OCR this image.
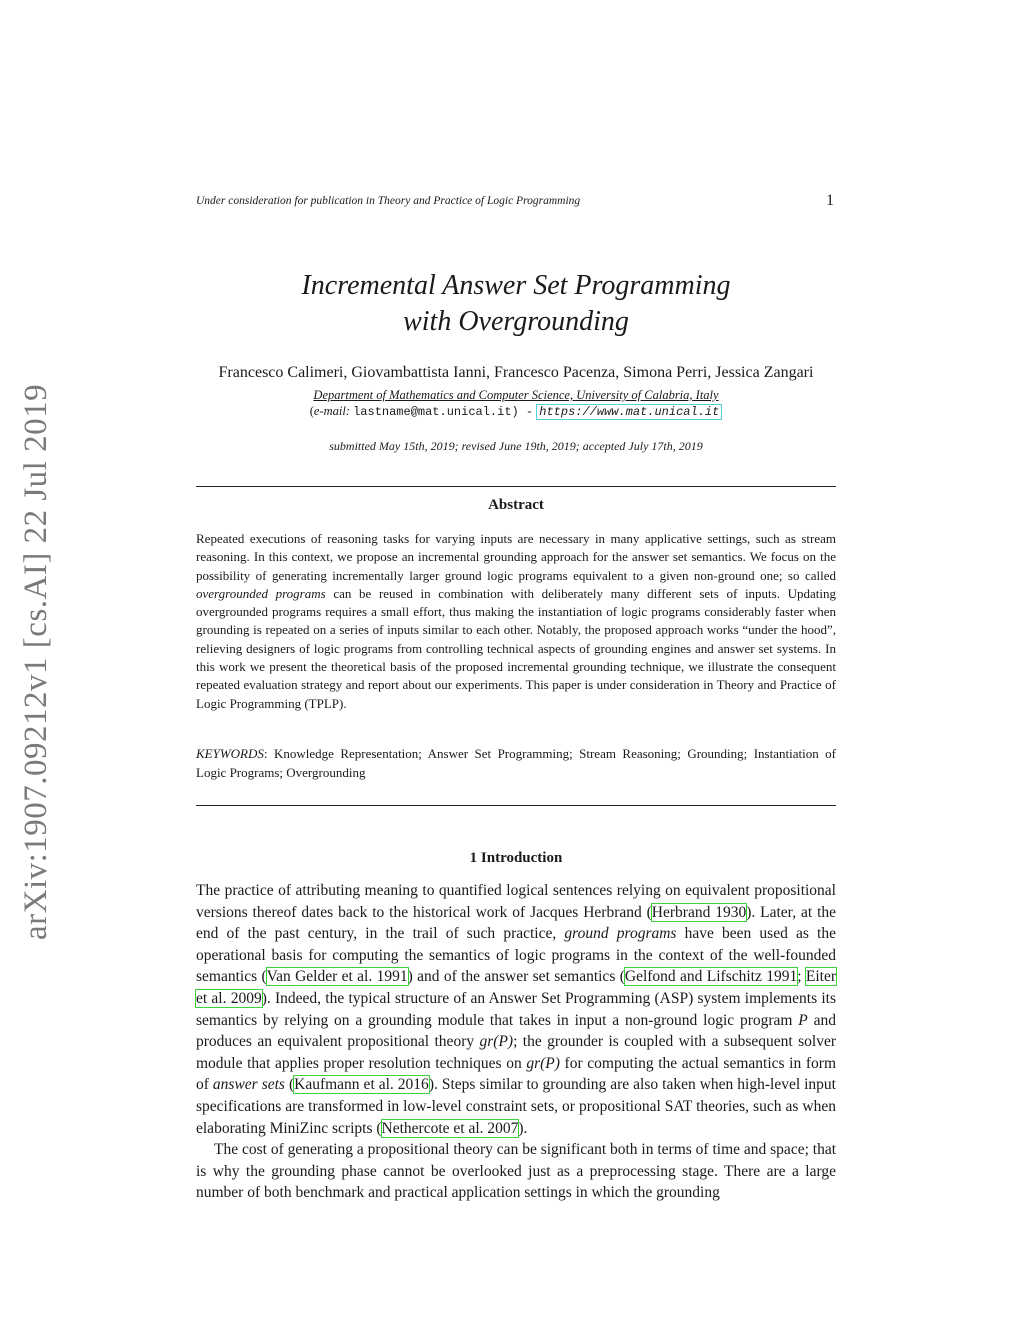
Under consideration for publication in Theory and Practice of Logic Programming	1
Incremental Answer Set Programming
with Overgrounding
Francesco Calimeri, Giovambattista Ianni, Francesco Pacenza, Simona Perri, Jessica Zangari
Department of Mathematics and Computer Science, University of Calabria, Italy
(e-mail: lastname@mat.unical.it) - https://www.mat.unical.it
submitted May 15th, 2019; revised June 19th, 2019; accepted July 17th, 2019
Abstract
Repeated executions of reasoning tasks for varying inputs are necessary in many applicative settings, such as stream reasoning. In this context, we propose an incremental grounding approach for the answer set semantics. We focus on the possibility of generating incrementally larger ground logic programs equivalent to a given non-ground one; so called overgrounded programs can be reused in combination with deliberately many different sets of inputs. Updating overgrounded programs requires a small effort, thus making the instantiation of logic programs considerably faster when grounding is repeated on a series of inputs similar to each other. Notably, the proposed approach works “under the hood”, relieving designers of logic programs from controlling technical aspects of grounding engines and answer set systems. In this work we present the theoretical basis of the proposed incremental grounding technique, we illustrate the consequent repeated evaluation strategy and report about our experiments. This paper is under consideration in Theory and Practice of Logic Programming (TPLP).
KEYWORDS: Knowledge Representation; Answer Set Programming; Stream Reasoning; Grounding; Instantiation of Logic Programs; Overgrounding
1 Introduction

The practice of attributing meaning to quantified logical sentences relying on equivalent propositional versions thereof dates back to the historical work of Jacques Herbrand (Herbrand 1930). Later, at the end of the past century, in the trail of such practice, ground programs have been used as the operational basis for computing the semantics of logic programs in the context of the well-founded semantics (Van Gelder et al. 1991) and of the answer set semantics (Gelfond and Lifschitz 1991; Eiter et al. 2009). Indeed, the typical structure of an Answer Set Programming (ASP) system implements its semantics by relying on a grounding module that takes in input a non-ground logic program P and produces an equivalent propositional theory gr(P); the grounder is coupled with a subsequent solver module that applies proper resolution techniques on gr(P) for computing the actual semantics in form of answer sets (Kaufmann et al. 2016). Steps similar to grounding are also taken when high-level input specifications are transformed in low-level constraint sets, or propositional SAT theories, such as when elaborating MiniZinc scripts (Nethercote et al. 2007).

The cost of generating a propositional theory can be significant both in terms of time and space; that is why the grounding phase cannot be overlooked just as a preprocessing stage. There are a large number of both benchmark and practical application settings in which the grounding

arXiv:1907.09212v1 [cs.AI] 22 Jul 2019
